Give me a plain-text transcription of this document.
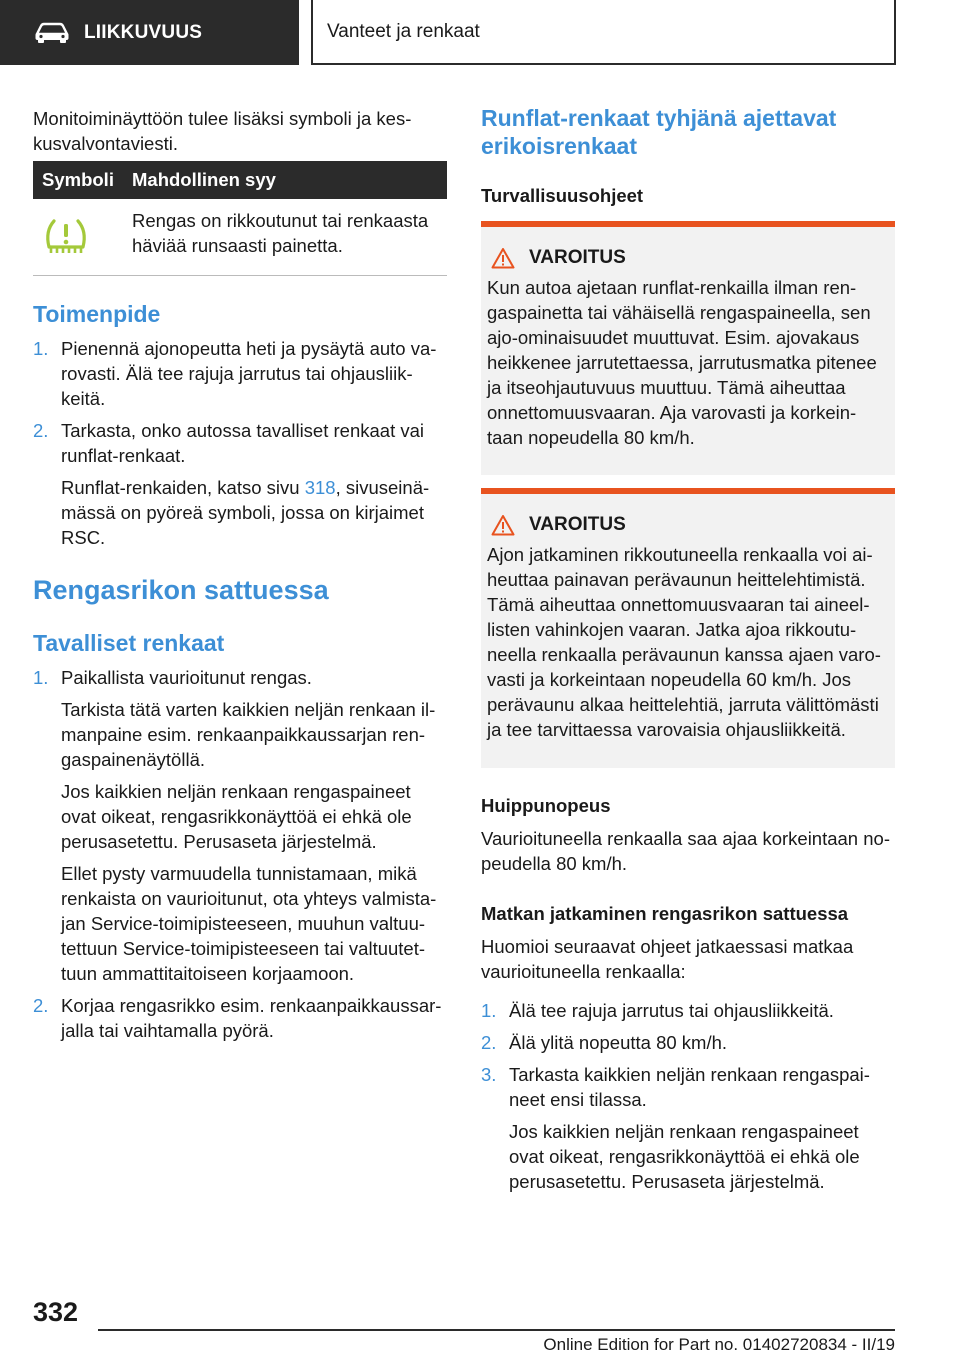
LIIKKUVUUS	Vanteet ja renkaat
Monitoiminäyttöön tulee lisäksi symboli ja kes-
kusvalvontaviesti.
Symboli Mahdollinen syy
Rengas on rikkoutunut tai renkaasta
häviää runsaasti painetta.
Toimenpide
1. Pienennä ajonopeutta heti ja pysäytä auto va-
rovasti. Älä tee rajuja jarrutus tai ohjausliik-
keitä.
2. Tarkasta, onko autossa tavalliset renkaat vai
runflat-renkaat.
Runflat-renkaiden, katso sivu 318, sivuseinä-
mässä on pyöreä symboli, jossa on kirjaimet
RSC.
Rengasrikon sattuessa
Tavalliset renkaat
1. Paikallista vaurioitunut rengas.
Tarkista tätä varten kaikkien neljän renkaan il-
manpaine esim. renkaanpaikkaussarjan ren-
gaspainenäytöllä.
Jos kaikkien neljän renkaan rengaspaineet
ovat oikeat, rengasrikkonäyttöä ei ehkä ole
perusasetettu. Perusaseta järjestelmä.
Ellet pysty varmuudella tunnistamaan, mikä
renkaista on vaurioitunut, ota yhteys valmista-
jan Service-toimipisteeseen, muuhun valtuu-
tettuun Service-toimipisteeseen tai valtuutet-
tuun ammattitaitoiseen korjaamoon.
2. Korjaa rengasrikko esim. renkaanpaikkaussar-
jalla tai vaihtamalla pyörä.
Runflat-renkaat tyhjänä ajettavat
erikoisrenkaat
Turvallisuusohjeet
VAROITUS
Kun autoa ajetaan runflat-renkailla ilman ren-
gaspainetta tai vähäisellä rengaspaineella, sen
ajo-ominaisuudet muuttuvat. Esim. ajovakaus
heikkenee jarrutettaessa, jarrutusmatka pitenee
ja itseohjautuvuus muuttuu. Tämä aiheuttaa
onnettomuusvaaran. Aja varovasti ja korkein-
taan nopeudella 80 km/h.
VAROITUS
Ajon jatkaminen rikkoutuneella renkaalla voi ai-
heuttaa painavan perävaunun heittelehtimistä.
Tämä aiheuttaa onnettomuusvaaran tai aineel-
listen vahinkojen vaaran. Jatka ajoa rikkoutu-
neella renkaalla perävaunun kanssa ajaen varo-
vasti ja korkeintaan nopeudella 60 km/h. Jos
perävaunu alkaa heittelehtiä, jarruta välittömästi
ja tee tarvittaessa varovaisia ohjausliikkeitä.
Huippunopeus
Vaurioituneella renkaalla saa ajaa korkeintaan no-
peudella 80 km/h.
Matkan jatkaminen rengasrikon sattuessa
Huomioi seuraavat ohjeet jatkaessasi matkaa
vaurioituneella renkaalla:
1. Älä tee rajuja jarrutus tai ohjausliikkeitä.
2. Älä ylitä nopeutta 80 km/h.
3. Tarkasta kaikkien neljän renkaan rengaspai-
neet ensi tilassa.
Jos kaikkien neljän renkaan rengaspaineet
ovat oikeat, rengasrikkonäyttöä ei ehkä ole
perusasetettu. Perusaseta järjestelmä.
332
Online Edition for Part no. 01402720834 - II/19
